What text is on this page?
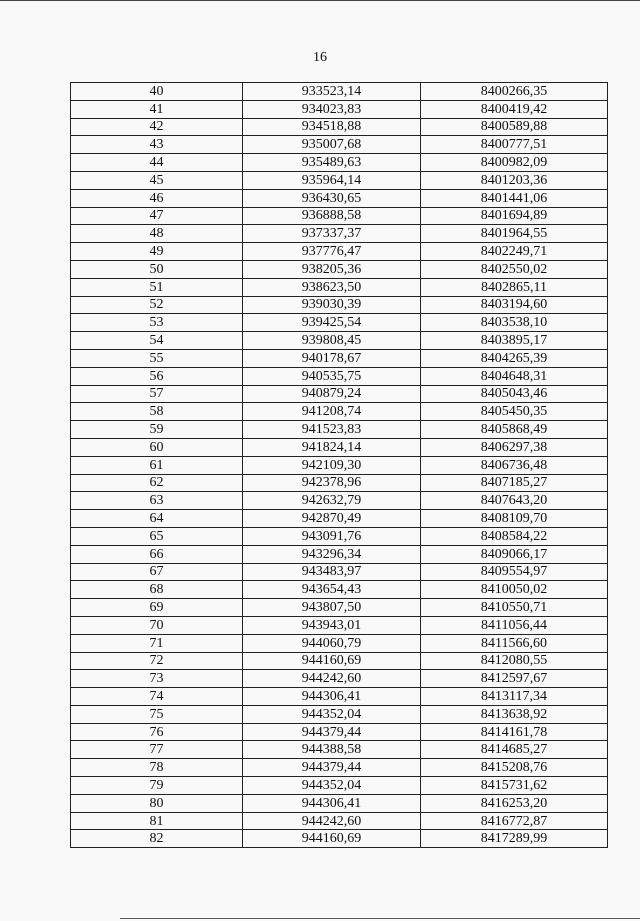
16
40	933523,14	8400266,35
41	934023,83	8400419,42
42	934518,88	8400589,88
43	935007,68	8400777,51
44	935489,63	8400982,09
45	935964,14	8401203,36
46	936430,65	8401441,06
47	936888,58	8401694,89
48	937337,37	8401964,55
49	937776,47	8402249,71
50	938205,36	8402550,02
51	938623,50	8402865,11
52	939030,39	8403194,60
53	939425,54	8403538,10
54	939808,45	8403895,17
55	940178,67	8404265,39
56	940535,75	8404648,31
57	940879,24	8405043,46
58	941208,74	8405450,35
59	941523,83	8405868,49
60	941824,14	8406297,38
61	942109,30	8406736,48
62	942378,96	8407185,27
63	942632,79	8407643,20
64	942870,49	8408109,70
65	943091,76	8408584,22
66	943296,34	8409066,17
67	943483,97	8409554,97
68	943654,43	8410050,02
69	943807,50	8410550,71
70	943943,01	8411056,44
71	944060,79	8411566,60
72	944160,69	8412080,55
73	944242,60	8412597,67
74	944306,41	8413117,34
75	944352,04	8413638,92
76	944379,44	8414161,78
77	944388,58	8414685,27
78	944379,44	8415208,76
79	944352,04	8415731,62
80	944306,41	8416253,20
81	944242,60	8416772,87
82	944160,69	8417289,99
